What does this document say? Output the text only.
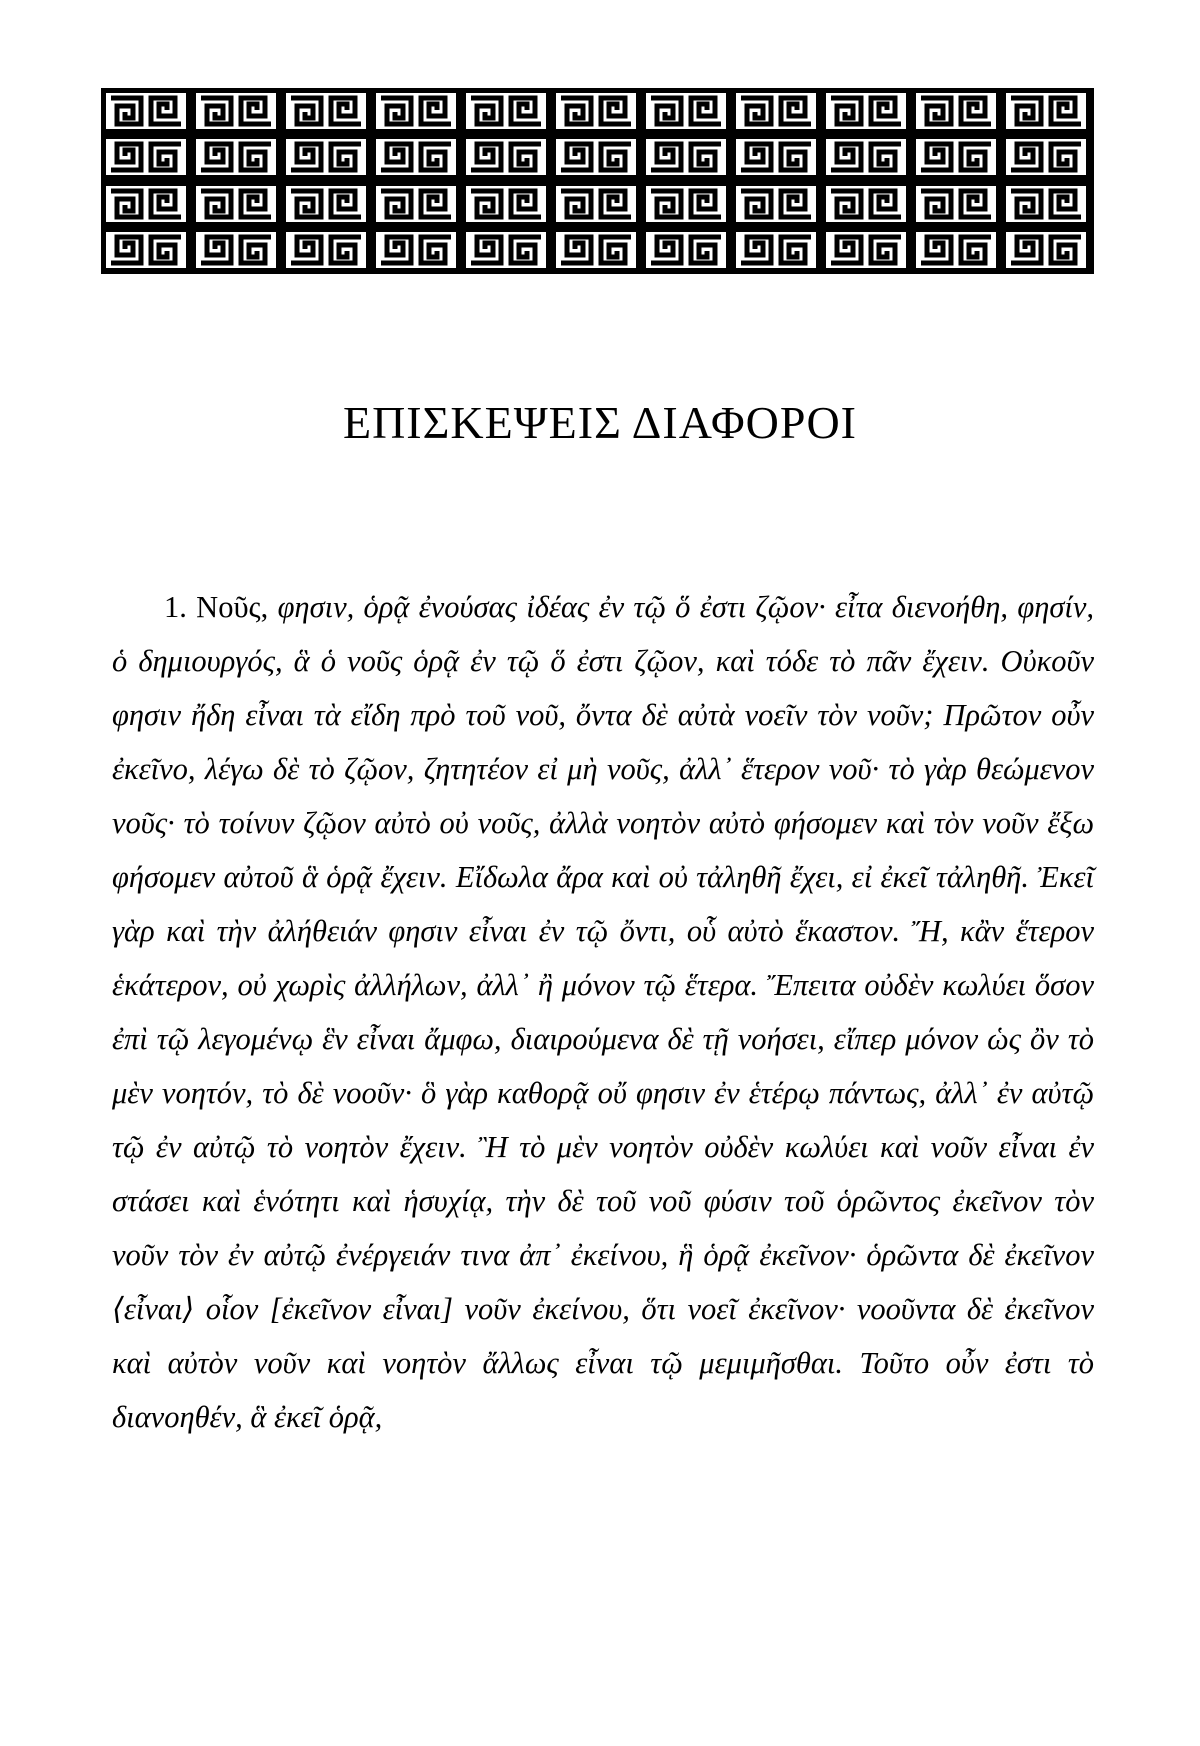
ΕΠΙΣΚΕΨΕΙΣ ΔΙΑΦΟΡΟΙ

1. Νοῦς, φησιν, ὁρᾷ ἐνούσας ἰδέας ἐν τῷ ὅ ἐστι ζῷον· εἶτα διενοήθη, φησίν, ὁ δημιουργός, ἃ ὁ νοῦς ὁρᾷ ἐν τῷ ὅ ἐστι ζῷον, καὶ τόδε τὸ πᾶν ἔχειν. Οὐκοῦν φησιν ἤδη εἶναι τὰ εἴδη πρὸ τοῦ νοῦ, ὄντα δὲ αὐτὰ νοεῖν τὸν νοῦν; Πρῶτον οὖν ἐκεῖνο, λέγω δὲ τὸ ζῷον, ζητητέον εἰ μὴ νοῦς, ἀλλ᾽ ἕτερον νοῦ· τὸ γὰρ θεώμενον νοῦς· τὸ τοίνυν ζῷον αὐτὸ οὐ νοῦς, ἀλλὰ νοητὸν αὐτὸ φήσομεν καὶ τὸν νοῦν ἔξω φήσομεν αὐτοῦ ἃ ὁρᾷ ἔχειν. Εἴδωλα ἄρα καὶ οὐ τἀληθῆ ἔχει, εἰ ἐκεῖ τἀληθῆ. Ἐκεῖ γὰρ καὶ τὴν ἀλήθειάν φησιν εἶναι ἐν τῷ ὄντι, οὗ αὐτὸ ἕκαστον. Ἤ, κἂν ἕτερον ἑκάτερον, οὐ χωρὶς ἀλλήλων, ἀλλ᾽ ἢ μόνον τῷ ἕτερα. Ἔπειτα οὐδὲν κωλύει ὅσον ἐπὶ τῷ λεγομένῳ ἓν εἶναι ἄμφω, διαιρούμενα δὲ τῇ νοήσει, εἴπερ μόνον ὡς ὂν τὸ μὲν νοητόν, τὸ δὲ νοοῦν· ὃ γὰρ καθορᾷ οὔ φησιν ἐν ἑτέρῳ πάντως, ἀλλ᾽ ἐν αὐτῷ τῷ ἐν αὐτῷ τὸ νοητὸν ἔχειν. Ἢ τὸ μὲν νοητὸν οὐδὲν κωλύει καὶ νοῦν εἶναι ἐν στάσει καὶ ἑνότητι καὶ ἡσυχίᾳ, τὴν δὲ τοῦ νοῦ φύσιν τοῦ ὁρῶντος ἐκεῖνον τὸν νοῦν τὸν ἐν αὐτῷ ἐνέργειάν τινα ἀπ᾽ ἐκείνου, ἣ ὁρᾷ ἐκεῖνον· ὁρῶντα δὲ ἐκεῖνον ⟨εἶναι⟩ οἷον [ἐκεῖνον εἶναι] νοῦν ἐκείνου, ὅτι νοεῖ ἐκεῖνον· νοοῦντα δὲ ἐκεῖνον καὶ αὐτὸν νοῦν καὶ νοητὸν ἄλλως εἶναι τῷ μεμιμῆσθαι. Τοῦτο οὖν ἐστι τὸ διανοηθέν, ἃ ἐκεῖ ὁρᾷ,
